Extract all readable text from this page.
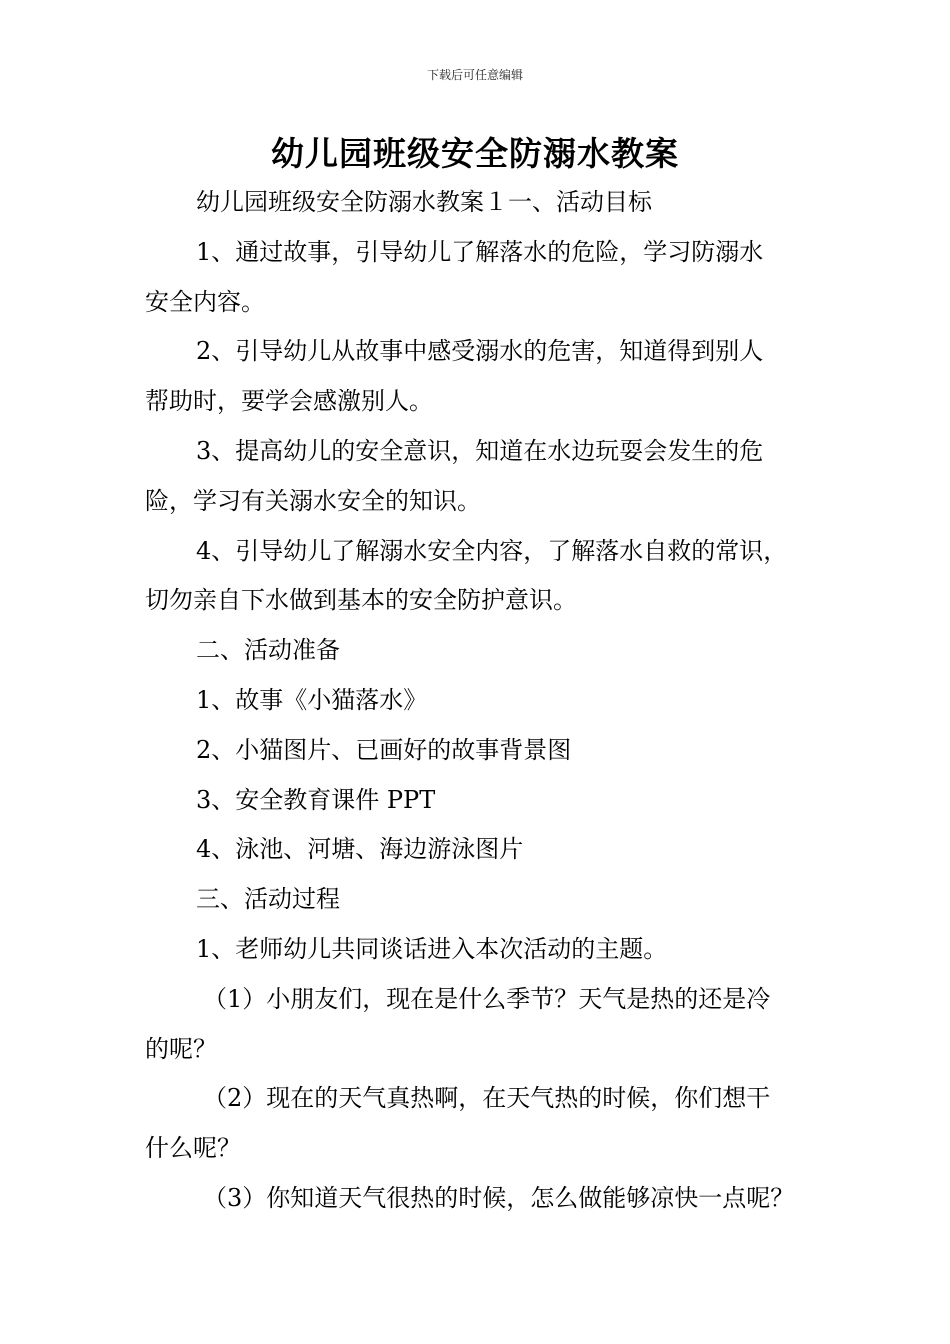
下载后可任意编辑
幼儿园班级安全防溺水教案
幼儿园班级安全防溺水教案１一、活动目标
1、通过故事，引导幼儿了解落水的危险，学习防溺水
安全内容。
2、引导幼儿从故事中感受溺水的危害，知道得到别人
帮助时，要学会感激别人。
3、提高幼儿的安全意识，知道在水边玩耍会发生的危
险，学习有关溺水安全的知识。
4、引导幼儿了解溺水安全内容，了解落水自救的常识，
切勿亲自下水做到基本的安全防护意识。
二、活动准备
1、故事《小猫落水》
2、小猫图片、已画好的故事背景图
3、安全教育课件 PPT
4、泳池、河塘、海边游泳图片
三、活动过程
1、老师幼儿共同谈话进入本次活动的主题。
（1）小朋友们，现在是什么季节？天气是热的还是冷
的呢？
（2）现在的天气真热啊，在天气热的时候，你们想干
什么呢？
（3）你知道天气很热的时候，怎么做能够凉快一点呢？
